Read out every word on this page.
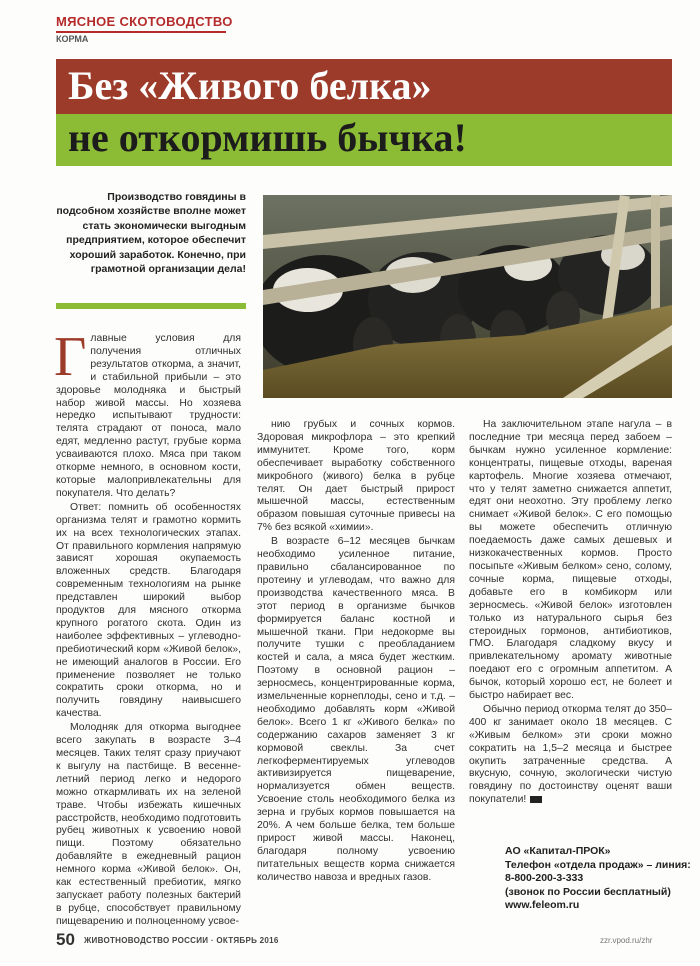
МЯСНОЕ СКОТОВОДСТВО
КОРМА
Без «Живого белка»
не откормишь бычка!
Производство говядины в подсобном хозяйстве вполне может стать экономически выгодным предприятием, которое обеспечит хороший заработок. Конечно, при грамотной организации дела!

Главные условия для получения отличных результатов откорма, а значит, и стабильной прибыли – это здоровье молодняка и быстрый набор живой массы. Но хозяева нередко испытывают трудности: телята страдают от поноса, мало едят, медленно растут, грубые корма усваиваются плохо. Мяса при таком откорме немного, в основном кости, которые малопривлекательны для покупателя. Что делать?

Ответ: помнить об особенностях организма телят и грамотно кормить их на всех технологических этапах. От правильного кормления напрямую зависят хорошая окупаемость вложенных средств. Благодаря современным технологиям на рынке представлен широкий выбор продуктов для мясного откорма крупного рогатого скота. Один из наиболее эффективных – углеводно-пребиотический корм «Живой белок», не имеющий аналогов в России. Его применение позволяет не только сократить сроки откорма, но и получить говядину наивысшего качества.

Молодняк для откорма выгоднее всего закупать в возрасте 3–4 месяцев. Таких телят сразу приучают к выгулу на пастбище. В весенне-летний период легко и недорого можно откармливать их на зеленой траве. Чтобы избежать кишечных расстройств, необходимо подготовить рубец животных к усвоению новой пищи. Поэтому обязательно добавляйте в ежедневный рацион немного корма «Живой белок». Он, как естественный пребиотик, мягко запускает работу полезных бактерий в рубце, способствует правильному пищеварению и полноценному усвое-

нию грубых и сочных кормов. Здоровая микрофлора – это крепкий иммунитет. Кроме того, корм обеспечивает выработку собственного микробного (живого) белка в рубце телят. Он дает быстрый прирост мышечной массы, естественным образом повышая суточные привесы на 7% без всякой «химии».

В возрасте 6–12 месяцев бычкам необходимо усиленное питание, правильно сбалансированное по протеину и углеводам, что важно для производства качественного мяса. В этот период в организме бычков формируется баланс костной и мышечной ткани. При недокорме вы получите тушки с преобладанием костей и сала, а мяса будет жестким. Поэтому в основной рацион – зерносмесь, концентрированные корма, измельченные корнеплоды, сено и т.д. – необходимо добавлять корм «Живой белок». Всего 1 кг «Живого белка» по содержанию сахаров заменяет 3 кг кормовой свеклы. За счет легкоферментируемых углеводов активизируется пищеварение, нормализуется обмен веществ. Усвоение столь необходимого белка из зерна и грубых кормов повышается на 20%. А чем больше белка, тем больше прирост живой массы. Наконец, благодаря полному усвоению питательных веществ корма снижается количество навоза и вредных газов.

На заключительном этапе нагула – в последние три месяца перед забоем – бычкам нужно усиленное кормление: концентраты, пищевые отходы, вареная картофель. Многие хозяева отмечают, что у телят заметно снижается аппетит, едят они неохотно. Эту проблему легко снимает «Живой белок». С его помощью вы можете обеспечить отличную поедаемость даже самых дешевых и низкокачественных кормов. Просто посыпьте «Живым белком» сено, солому, сочные корма, пищевые отходы, добавьте его в комбикорм или зерносмесь. «Живой белок» изготовлен только из натурального сырья без стероидных гормонов, антибиотиков, ГМО. Благодаря сладкому вкусу и привлекательному аромату животные поедают его с огромным аппетитом. А бычок, который хорошо ест, не болеет и быстро набирает вес.

Обычно период откорма телят до 350–400 кг занимает около 18 месяцев. С «Живым белком» эти сроки можно сократить на 1,5–2 месяца и быстрее окупить затраченные средства. А вкусную, сочную, экологически чистую говядину по достоинству оценят ваши покупатели!

АО «Капитал-ПРОК»
Телефон «отдела продаж» – линия:
8-800-200-3-333
(звонок по России бесплатный)
www.feleom.ru
50 ЖИВОТНОВОДСТВО РОССИИ · ОКТЯБРЬ 2016	zzr.vpod.ru/zhr
